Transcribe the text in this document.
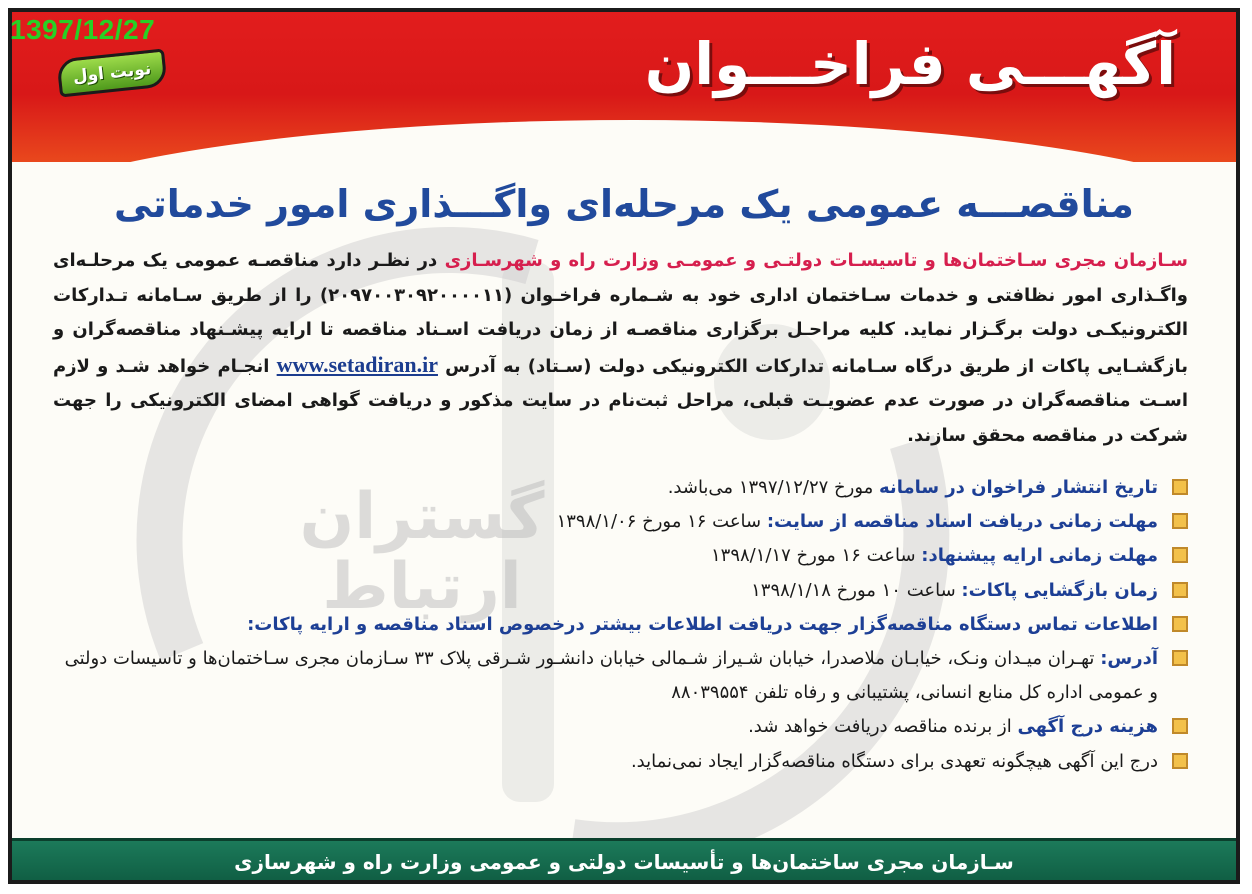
آگهـــی فراخـــوان
نوبت اول
گستران ارتباط
مناقصـــه عمومی یک مرحله‌ای واگـــذاری امور خدماتی
سـازمان مجری سـاختمان‌ها و تاسیسـات دولتـی و عمومـی وزارت راه و شهرسـازی در نظـر دارد مناقصـه عمومی یک مرحلـه‌ای واگـذاری امور نظافتی و خدمات سـاختمان اداری خود به شـماره فراخـوان (۲۰۹۷۰۰۳۰۹۲۰۰۰۰۱۱) را از طریق سـامانه تـدارکات الکترونیکـی دولت برگـزار نماید. کلیه مراحـل برگزاری مناقصـه از زمان دریافت اسـناد مناقصه تا ارایه پیشـنهاد مناقصه‌گران و بازگشـایی پاکات از طریق درگاه سـامانه تدارکات الکترونیکی دولت (سـتاد) به آدرس www.setadiran.ir انجـام خواهد شـد و لازم اسـت مناقصه‌گران در صورت عدم عضویـت قبلی، مراحل ثبت‌نام در سایت مذکور و دریافت گواهی امضای الکترونیکی را جهت شرکت در مناقصه محقق سازند.
تاریخ انتشار فراخوان در سامانه مورخ ۱۳۹۷/۱۲/۲۷ می‌باشد.
مهلت زمانی دریافت اسناد مناقصه از سایت: ساعت ۱۶ مورخ ۱۳۹۸/۱/۰۶
مهلت زمانی ارایه پیشنهاد: ساعت ۱۶ مورخ ۱۳۹۸/۱/۱۷
زمان بازگشایی پاکات: ساعت ۱۰ مورخ ۱۳۹۸/۱/۱۸
اطلاعات تماس دستگاه مناقصه‌گزار جهت دریافت اطلاعات بیشتر درخصوص اسناد مناقصه و ارایه پاکات:
آدرس: تهـران میـدان ونـک، خیابـان ملاصدرا، خیابان شـیراز شـمالی خیابان دانشـور شـرقی پلاک ۳۳ سـازمان مجری سـاختمان‌ها و تاسیسات دولتی و عمومی اداره کل منابع انسانی، پشتیبانی و رفاه تلفن ۸۸۰۳۹۵۵۴
هزینه درج آگهی از برنده مناقصه دریافت خواهد شد.
درج این آگهی هیچگونه تعهدی برای دستگاه مناقصه‌گزار ایجاد نمی‌نماید.
سـازمان مجری ساختمان‌ها و تأسیسات دولتی و عمومی وزارت راه و شهرسازی
1397/12/27
